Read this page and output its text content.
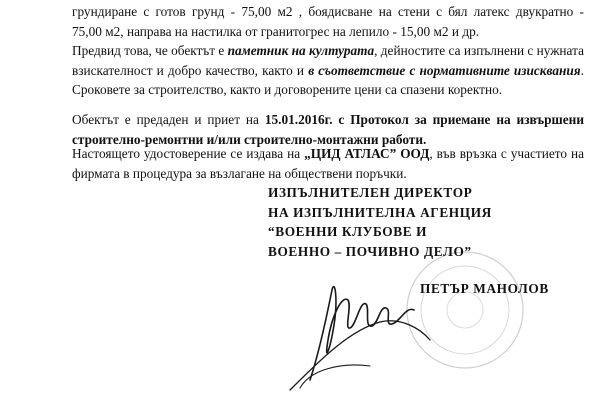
грундиране с готов грунд - 75,00 м2 , боядисване на стени с бял латекс двукратно -

75,00 м2, направа на настилка от гранитогрес на лепило - 15,00 м2 и др.

Предвид това, че обектът е паметник на културата, дейностите са изпълнени с нужната взискателност и добро качество, както и в съответствие с нормативните изисквания. Сроковете за строителство, както и договорените цени са спазени коректно.

Обектът е предаден и приет на 15.01.2016г. с Протокол за приемане на извършени строително-ремонтни и/или строително-монтажни работи.

Настоящето удостоверение се издава на „ЦИД АТЛАС” ООД, във връзка с участието на фирмата в процедура за възлагане на обществени поръчки.

ИЗПЪЛНИТЕЛЕН ДИРЕКТОР
НА ИЗПЪЛНИТЕЛНА АГЕНЦИЯ
“ВОЕННИ КЛУБОВЕ И
ВОЕННО – ПОЧИВНО ДЕЛО”
ПЕТЪР МАНОЛОВ
